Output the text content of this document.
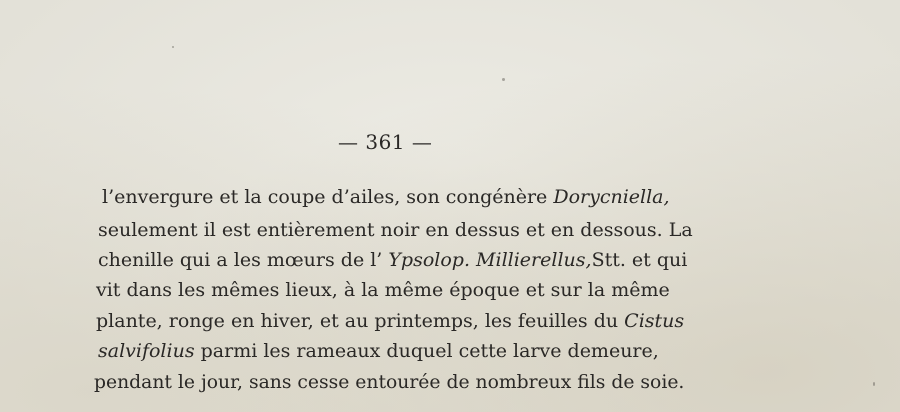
— 361 —
l’envergure et la coupe d’ailes, son congénère Dorycniella,
seulement il est entièrement noir en dessus et en dessous. La
chenille qui a les mœurs de l’ Ypsolop. Millierellus,Stt. et qui
vit dans les mêmes lieux, à la même époque et sur la même
plante, ronge en hiver, et au printemps, les feuilles du Cistus
salvifolius parmi les rameaux duquel cette larve demeure,
pendant le jour, sans cesse entourée de nombreux fils de soie.
